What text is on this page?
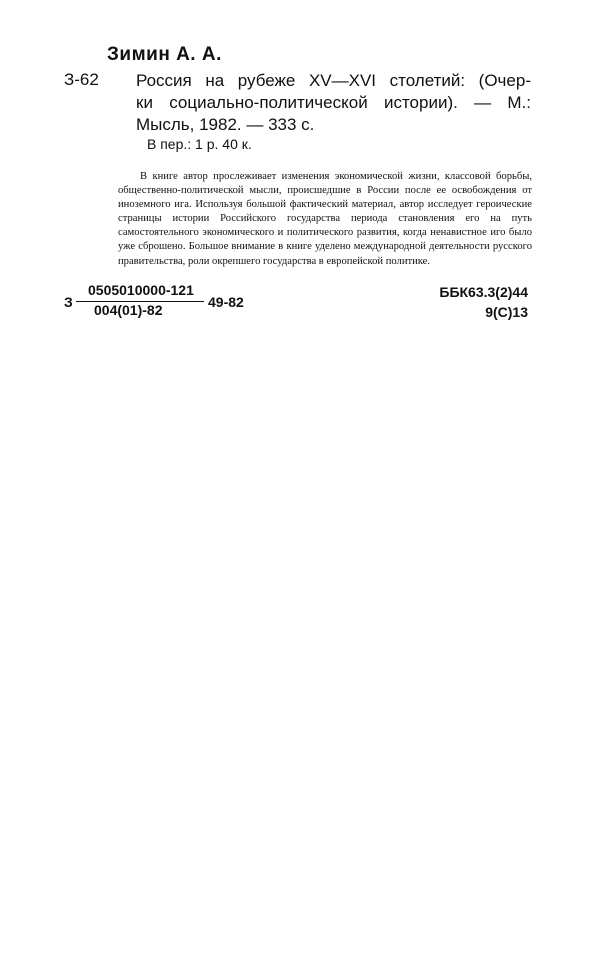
Зимин А. А.
З-62 Россия на рубеже XV—XVI столетий: (Очер-
ки социально-политической истории). — М.:
Мысль, 1982. — 333 с.
В пер.: 1 р. 40 к.
В книге автор прослеживает изменения экономической жизни, классовой борьбы, общественно-политической мысли, происшедшие в России после ее освобождения от иноземного ига. Используя большой фактический материал, автор исследует героические страницы истории Российского государства периода становления его на путь самостоятельного экономического и политического развития, когда ненавистное иго было уже сброшено. Большое внимание в книге уделено международной деятельности русского правительства, роли окрепшего государства в европейской политике.
З
0505010000-121
004(01)-82	49-82
ББК63.3(2)44
9(С)13
